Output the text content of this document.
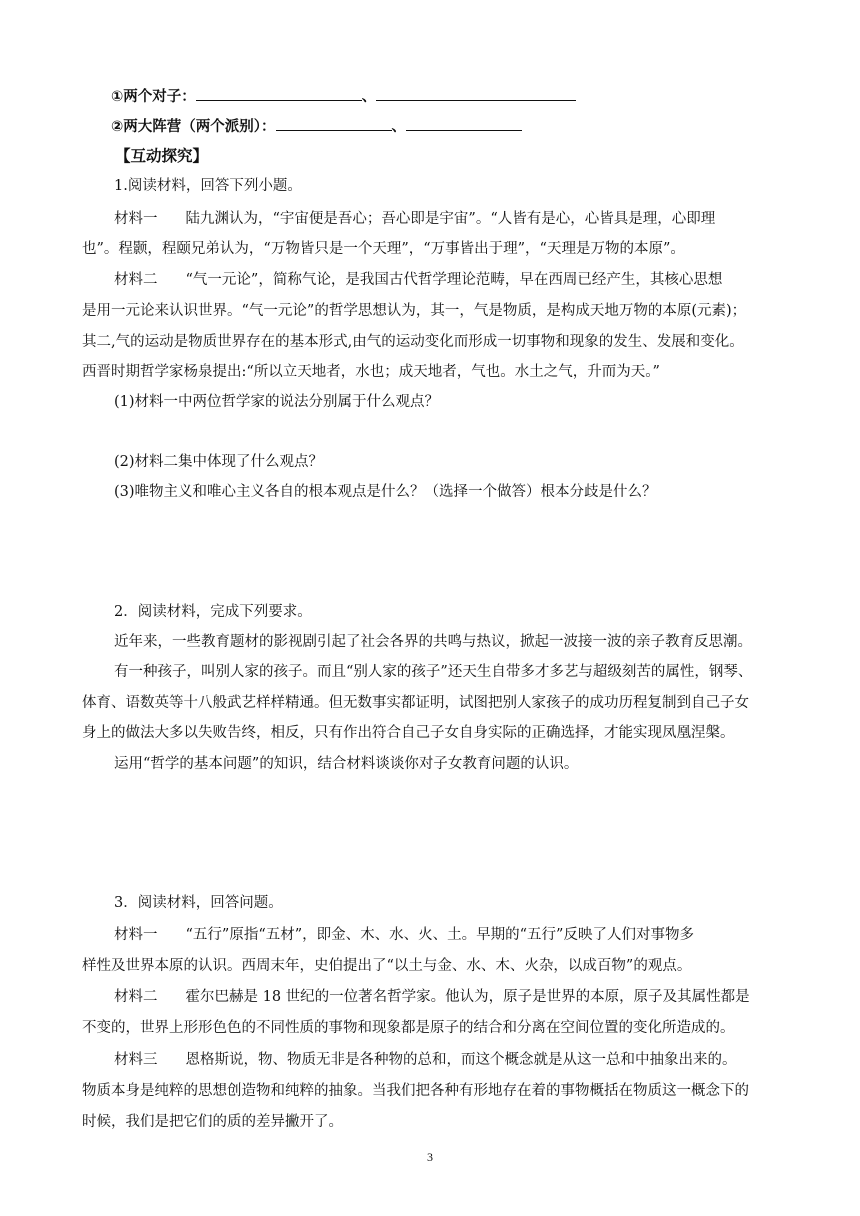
①两个对子：	、
②两大阵营（两个派别）：	、
【互动探究】
1.阅读材料，回答下列小题。
材料一 陆九渊认为，“宇宙便是吾心；吾心即是宇宙”。“人皆有是心，心皆具是理，心即理
也”。程颢，程颐兄弟认为，“万物皆只是一个天理”，“万事皆出于理”，“天理是万物的本原”。
材料二 “气一元论”，简称气论，是我国古代哲学理论范畴，早在西周已经产生，其核心思想
是用一元论来认识世界。“气一元论”的哲学思想认为，其一，气是物质，是构成天地万物的本原(元素)；
其二,气的运动是物质世界存在的基本形式,由气的运动变化而形成一切事物和现象的发生、发展和变化。
西晋时期哲学家杨泉提出:“所以立天地者，水也；成天地者，气也。水土之气，升而为天。”
(1)材料一中两位哲学家的说法分别属于什么观点？
(2)材料二集中体现了什么观点？
(3)唯物主义和唯心主义各自的根本观点是什么？（选择一个做答）根本分歧是什么？
2．阅读材料，完成下列要求。
近年来，一些教育题材的影视剧引起了社会各界的共鸣与热议，掀起一波接一波的亲子教育反思潮。
有一种孩子，叫别人家的孩子。而且“别人家的孩子”还天生自带多才多艺与超级刻苦的属性，钢琴、
体育、语数英等十八般武艺样样精通。但无数事实都证明，试图把别人家孩子的成功历程复制到自己子女
身上的做法大多以失败告终，相反，只有作出符合自己子女自身实际的正确选择，才能实现凤凰涅槃。
运用“哲学的基本问题”的知识，结合材料谈谈你对子女教育问题的认识。
3．阅读材料，回答问题。
材料一 “五行”原指“五材”，即金、木、水、火、土。早期的“五行”反映了人们对事物多
样性及世界本原的认识。西周末年，史伯提出了“以土与金、水、木、火杂，以成百物”的观点。
材料二 霍尔巴赫是 18 世纪的一位著名哲学家。他认为，原子是世界的本原，原子及其属性都是
不变的，世界上形形色色的不同性质的事物和现象都是原子的结合和分离在空间位置的变化所造成的。
材料三 恩格斯说，物、物质无非是各种物的总和，而这个概念就是从这一总和中抽象出来的。
物质本身是纯粹的思想创造物和纯粹的抽象。当我们把各种有形地存在着的事物概括在物质这一概念下的
时候，我们是把它们的质的差异撇开了。
3
